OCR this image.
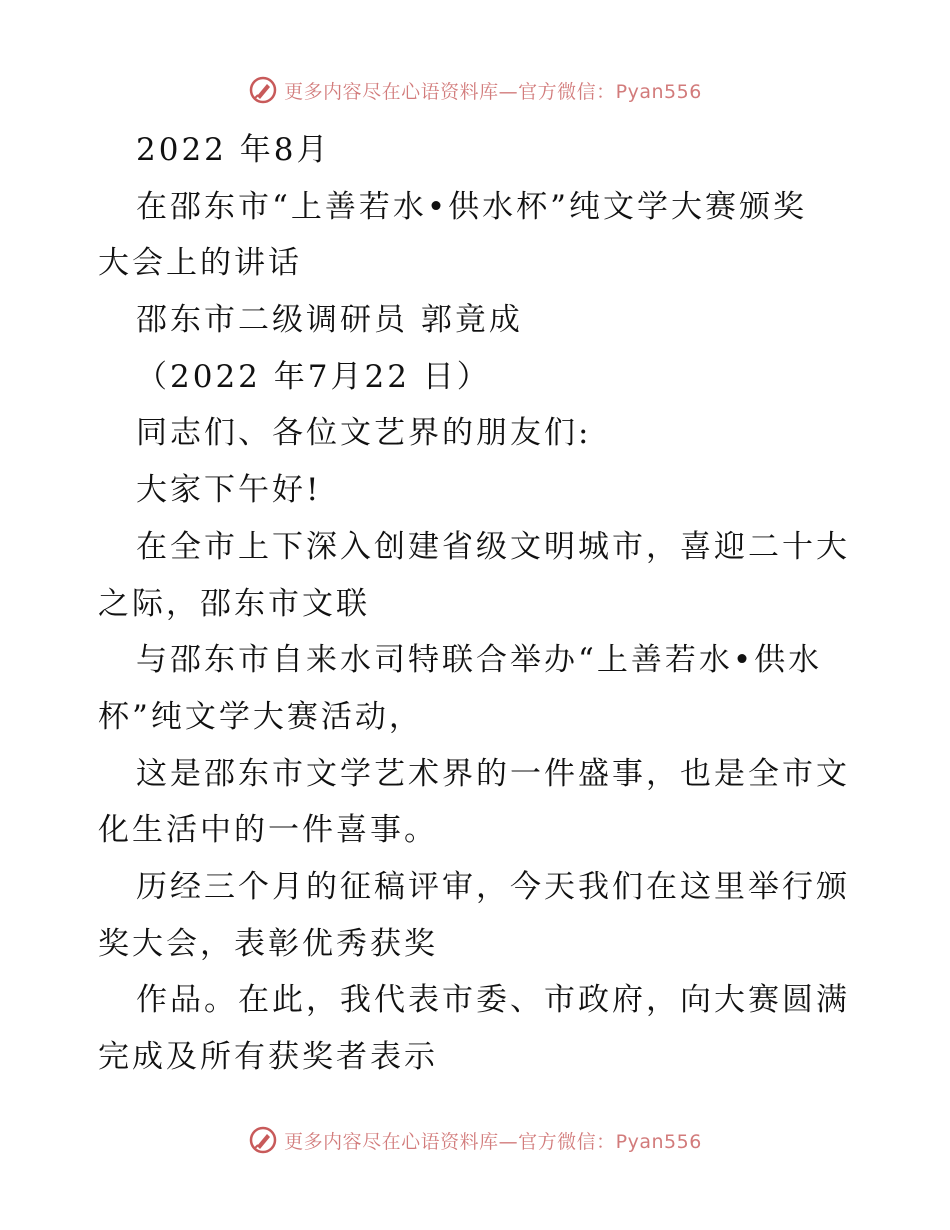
更多内容尽在心语资料库—官方微信：Pyan556
2022 年8月
在邵东市“上善若水•供水杯”纯文学大赛颁奖
大会上的讲话
邵东市二级调研员 郭竟成
（2022 年7月22 日）
同志们、各位文艺界的朋友们:
大家下午好!
在全市上下深入创建省级文明城市，喜迎二十大
之际，邵东市文联
与邵东市自来水司特联合举办“上善若水•供水
杯”纯文学大赛活动，
这是邵东市文学艺术界的一件盛事，也是全市文
化生活中的一件喜事。
历经三个月的征稿评审，今天我们在这里举行颁
奖大会，表彰优秀获奖
作品。在此，我代表市委、市政府，向大赛圆满
完成及所有获奖者表示
更多内容尽在心语资料库—官方微信：Pyan556
